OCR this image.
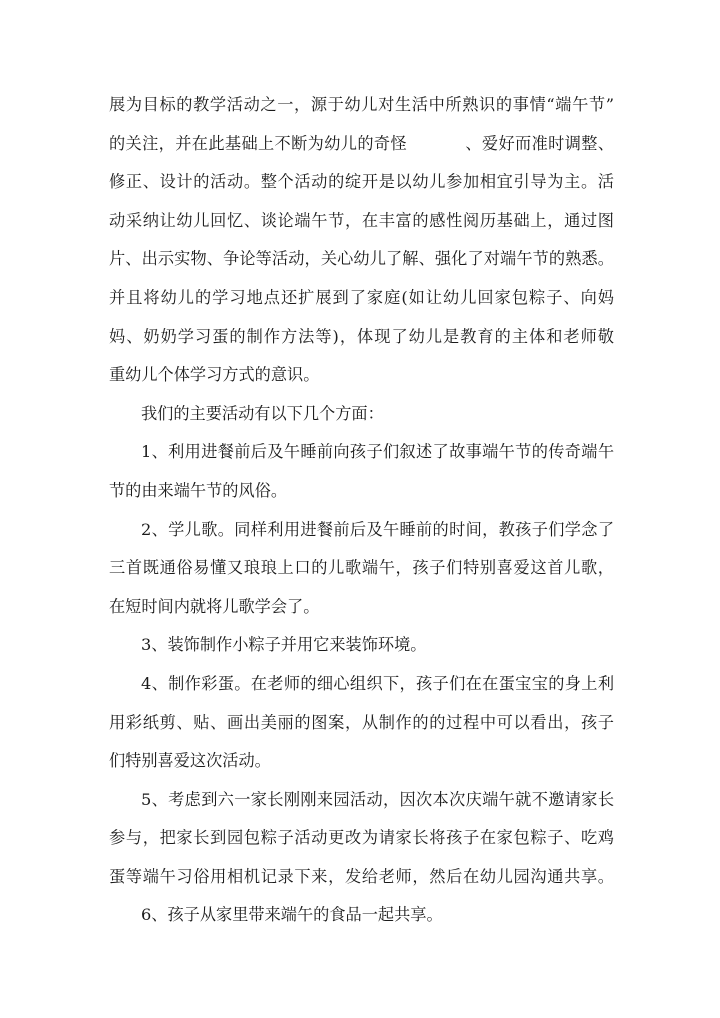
展为目标的教学活动之一，源于幼儿对生活中所熟识的事情“端午节”
的关注，并在此基础上不断为幼儿的奇怪	、爱好而准时调整、
修正、设计的活动。整个活动的绽开是以幼儿参加相宜引导为主。活
动采纳让幼儿回忆、谈论端午节，在丰富的感性阅历基础上，通过图
片、出示实物、争论等活动，关心幼儿了解、强化了对端午节的熟悉。
并且将幼儿的学习地点还扩展到了家庭(如让幼儿回家包粽子、向妈
妈、奶奶学习蛋的制作方法等)，体现了幼儿是教育的主体和老师敬
重幼儿个体学习方式的意识。
我们的主要活动有以下几个方面：
1、利用进餐前后及午睡前向孩子们叙述了故事端午节的传奇端午
节的由来端午节的风俗。
2、学儿歌。同样利用进餐前后及午睡前的时间，教孩子们学念了
三首既通俗易懂又琅琅上口的儿歌端午，孩子们特别喜爱这首儿歌，
在短时间内就将儿歌学会了。
3、装饰制作小粽子并用它来装饰环境。
4、制作彩蛋。在老师的细心组织下，孩子们在在蛋宝宝的身上利
用彩纸剪、贴、画出美丽的图案，从制作的的过程中可以看出，孩子
们特别喜爱这次活动。
5、考虑到六一家长刚刚来园活动，因次本次庆端午就不邀请家长
参与，把家长到园包粽子活动更改为请家长将孩子在家包粽子、吃鸡
蛋等端午习俗用相机记录下来，发给老师，然后在幼儿园沟通共享。
6、孩子从家里带来端午的食品一起共享。
